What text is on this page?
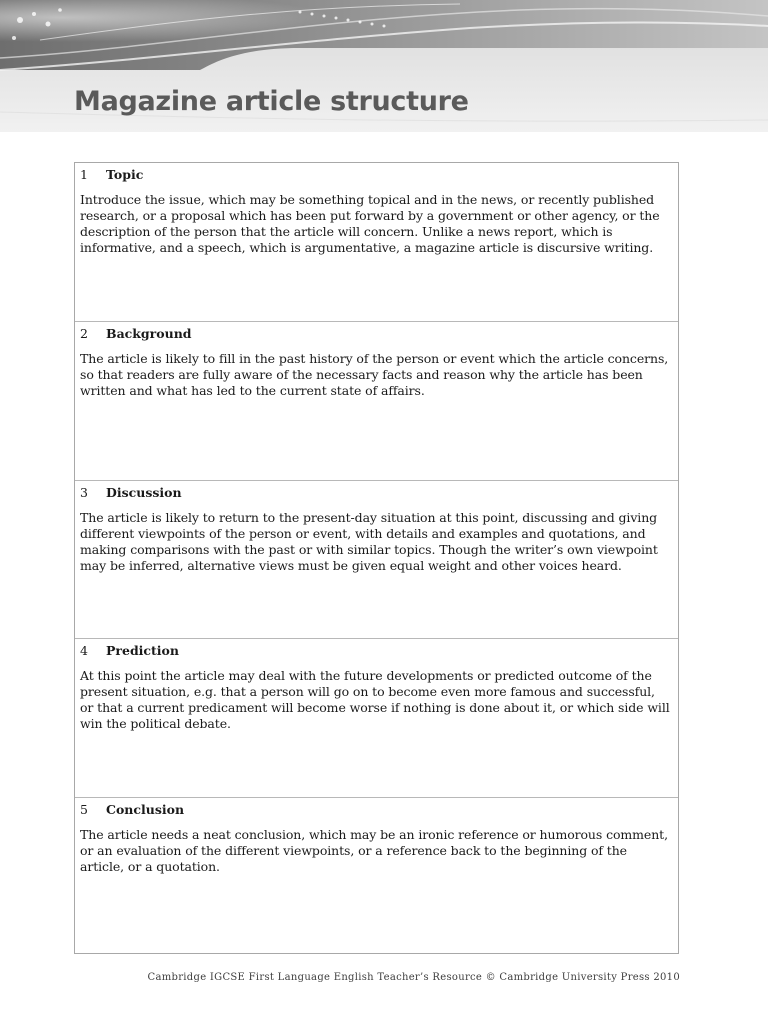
Magazine article structure
1 Topic

Introduce the issue, which may be something topical and in the news, or recently published research, or a proposal which has been put forward by a government or other agency, or the description of the person that the article will concern. Unlike a news report, which is informative, and a speech, which is argumentative, a magazine article is discursive writing.

2 Background

The article is likely to fill in the past history of the person or event which the article concerns, so that readers are fully aware of the necessary facts and reason why the article has been written and what has led to the current state of affairs.

3 Discussion

The article is likely to return to the present-day situation at this point, discussing and giving different viewpoints of the person or event, with details and examples and quotations, and making comparisons with the past or with similar topics. Though the writer’s own viewpoint may be inferred, alternative views must be given equal weight and other voices heard.

4 Prediction

At this point the article may deal with the future developments or predicted outcome of the present situation, e.g. that a person will go on to become even more famous and successful, or that a current predicament will become worse if nothing is done about it, or which side will win the political debate.

5 Conclusion

The article needs a neat conclusion, which may be an ironic reference or humorous comment, or an evaluation of the different viewpoints, or a reference back to the beginning of the article, or a quotation.

Cambridge IGCSE First Language English Teacher’s Resource © Cambridge University Press 2010
